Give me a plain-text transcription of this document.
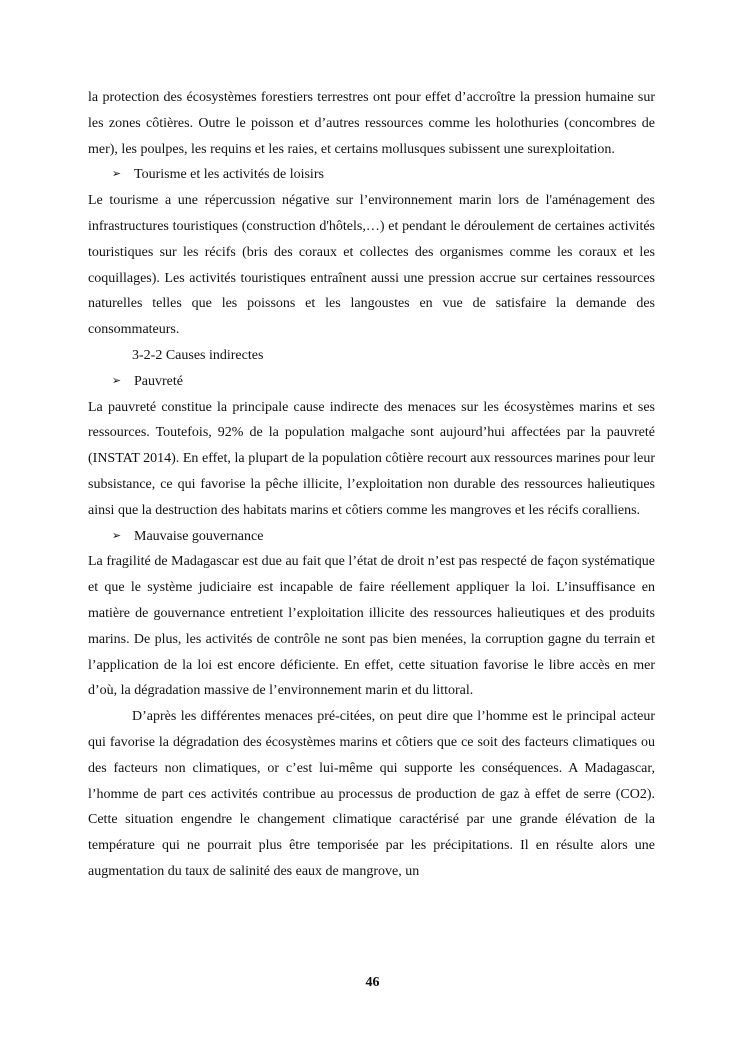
la protection des écosystèmes forestiers terrestres ont pour effet d’accroître la pression humaine sur les zones côtières. Outre le poisson et d’autres ressources comme les holothuries (concombres de mer), les poulpes, les requins et les raies, et certains mollusques subissent une surexploitation.

➢ Tourisme et les activités de loisirs

Le tourisme a une répercussion négative sur l’environnement marin lors de l'aménagement des infrastructures touristiques (construction d'hôtels,…) et pendant le déroulement de certaines activités touristiques sur les récifs (bris des coraux et collectes des organismes comme les coraux et les coquillages). Les activités touristiques entraînent aussi une pression accrue sur certaines ressources naturelles telles que les poissons et les langoustes en vue de satisfaire la demande des consommateurs.

3-2-2 Causes indirectes
➢ Pauvreté

La pauvreté constitue la principale cause indirecte des menaces sur les écosystèmes marins et ses ressources. Toutefois, 92% de la population malgache sont aujourd’hui affectées par la pauvreté (INSTAT 2014). En effet, la plupart de la population côtière recourt aux ressources marines pour leur subsistance, ce qui favorise la pêche illicite, l’exploitation non durable des ressources halieutiques ainsi que la destruction des habitats marins et côtiers comme les mangroves et les récifs coralliens.

➢ Mauvaise gouvernance

La fragilité de Madagascar est due au fait que l’état de droit n’est pas respecté de façon systématique et que le système judiciaire est incapable de faire réellement appliquer la loi. L’insuffisance en matière de gouvernance entretient l’exploitation illicite des ressources halieutiques et des produits marins. De plus, les activités de contrôle ne sont pas bien menées, la corruption gagne du terrain et l’application de la loi est encore déficiente. En effet, cette situation favorise le libre accès en mer d’où, la dégradation massive de l’environnement marin et du littoral.

D’après les différentes menaces pré-citées, on peut dire que l’homme est le principal acteur qui favorise la dégradation des écosystèmes marins et côtiers que ce soit des facteurs climatiques ou des facteurs non climatiques, or c’est lui-même qui supporte les conséquences. A Madagascar, l’homme de part ces activités contribue au processus de production de gaz à effet de serre (CO2). Cette situation engendre le changement climatique caractérisé par une grande élévation de la température qui ne pourrait plus être temporisée par les précipitations. Il en résulte alors une augmentation du taux de salinité des eaux de mangrove, un

46
